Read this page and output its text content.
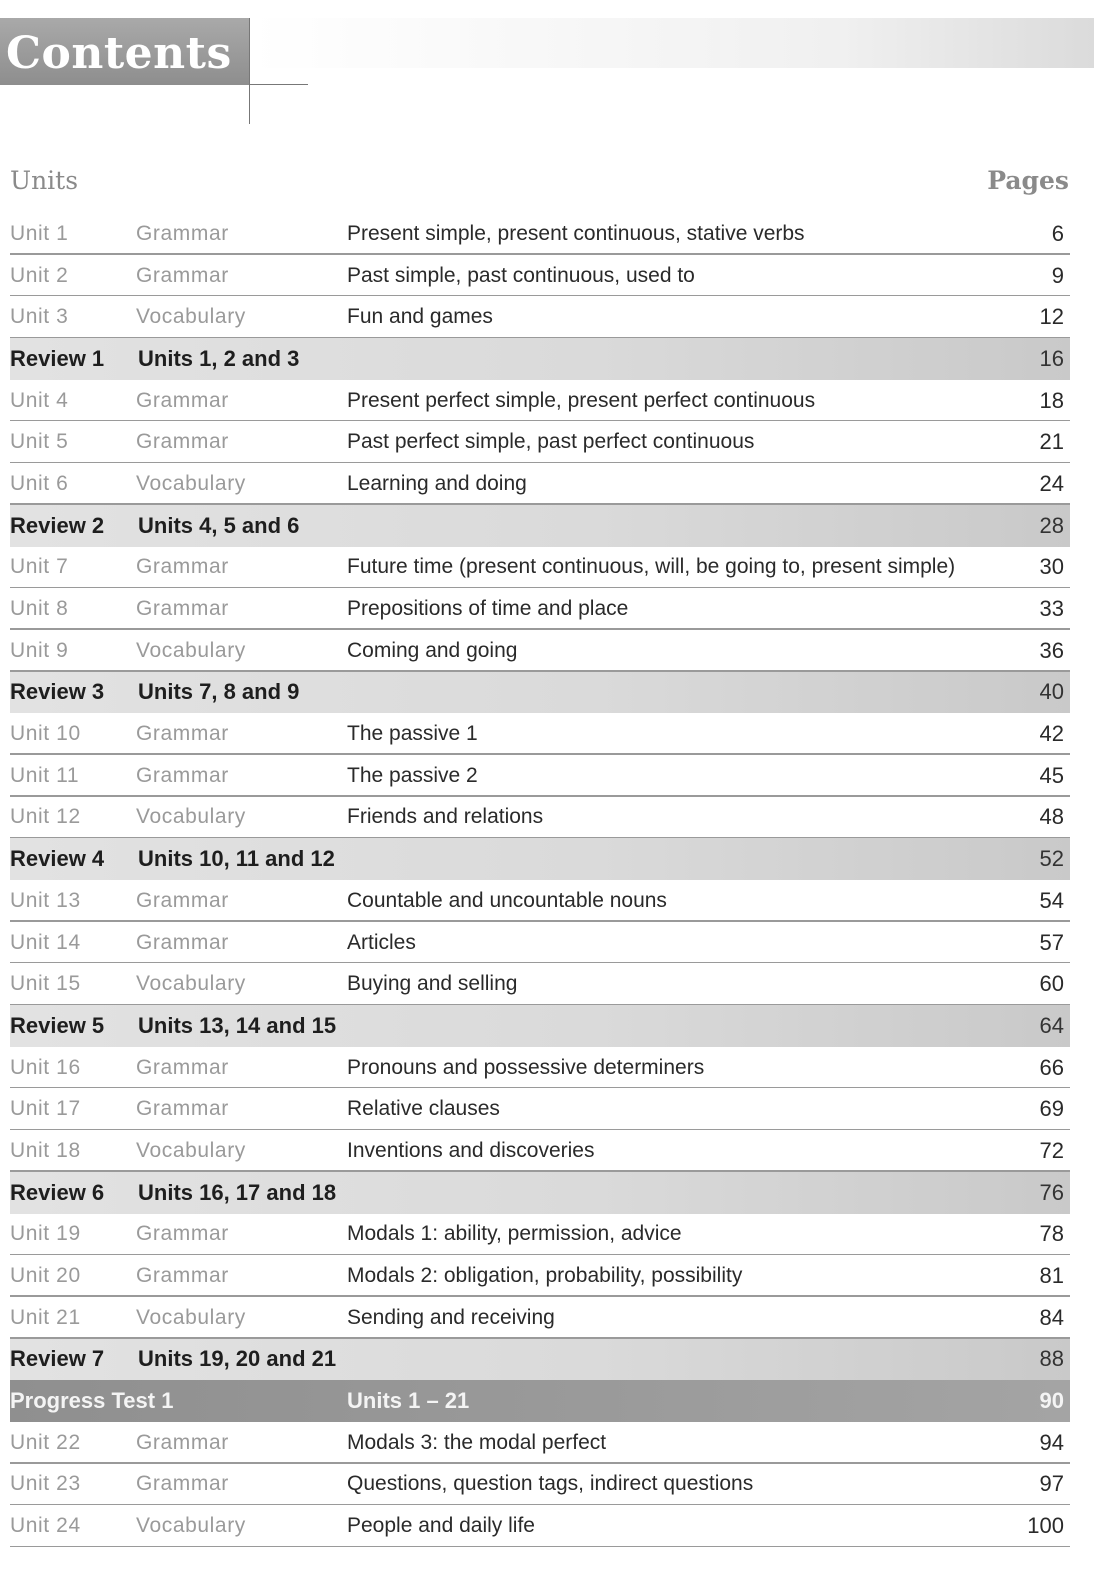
Contents
Units	Pages
Unit 1	Grammar	Present simple, present continuous, stative verbs	6
Unit 2	Grammar	Past simple, past continuous, used to	9
Unit 3	Vocabulary	Fun and games	12
Review 1 Units 1, 2 and 3	16
Unit 4	Grammar	Present perfect simple, present perfect continuous	18
Unit 5	Grammar	Past perfect simple, past perfect continuous	21
Unit 6	Vocabulary	Learning and doing	24
Review 2 Units 4, 5 and 6	28
Unit 7	Grammar	Future time (present continuous, will, be going to, present simple)	30
Unit 8	Grammar	Prepositions of time and place	33
Unit 9	Vocabulary	Coming and going	36
Review 3 Units 7, 8 and 9	40
Unit 10	Grammar	The passive 1	42
Unit 11	Grammar	The passive 2	45
Unit 12	Vocabulary	Friends and relations	48
Review 4 Units 10, 11 and 12	52
Unit 13	Grammar	Countable and uncountable nouns	54
Unit 14	Grammar	Articles	57
Unit 15	Vocabulary	Buying and selling	60
Review 5 Units 13, 14 and 15	64
Unit 16	Grammar	Pronouns and possessive determiners	66
Unit 17	Grammar	Relative clauses	69
Unit 18	Vocabulary	Inventions and discoveries	72
Review 6 Units 16, 17 and 18	76
Unit 19	Grammar	Modals 1: ability, permission, advice	78
Unit 20	Grammar	Modals 2: obligation, probability, possibility	81
Unit 21	Vocabulary	Sending and receiving	84
Review 7 Units 19, 20 and 21	88
Progress Test 1	Units 1 – 21	90
Unit 22	Grammar	Modals 3: the modal perfect	94
Unit 23	Grammar	Questions, question tags, indirect questions	97
Unit 24	Vocabulary	People and daily life	100
